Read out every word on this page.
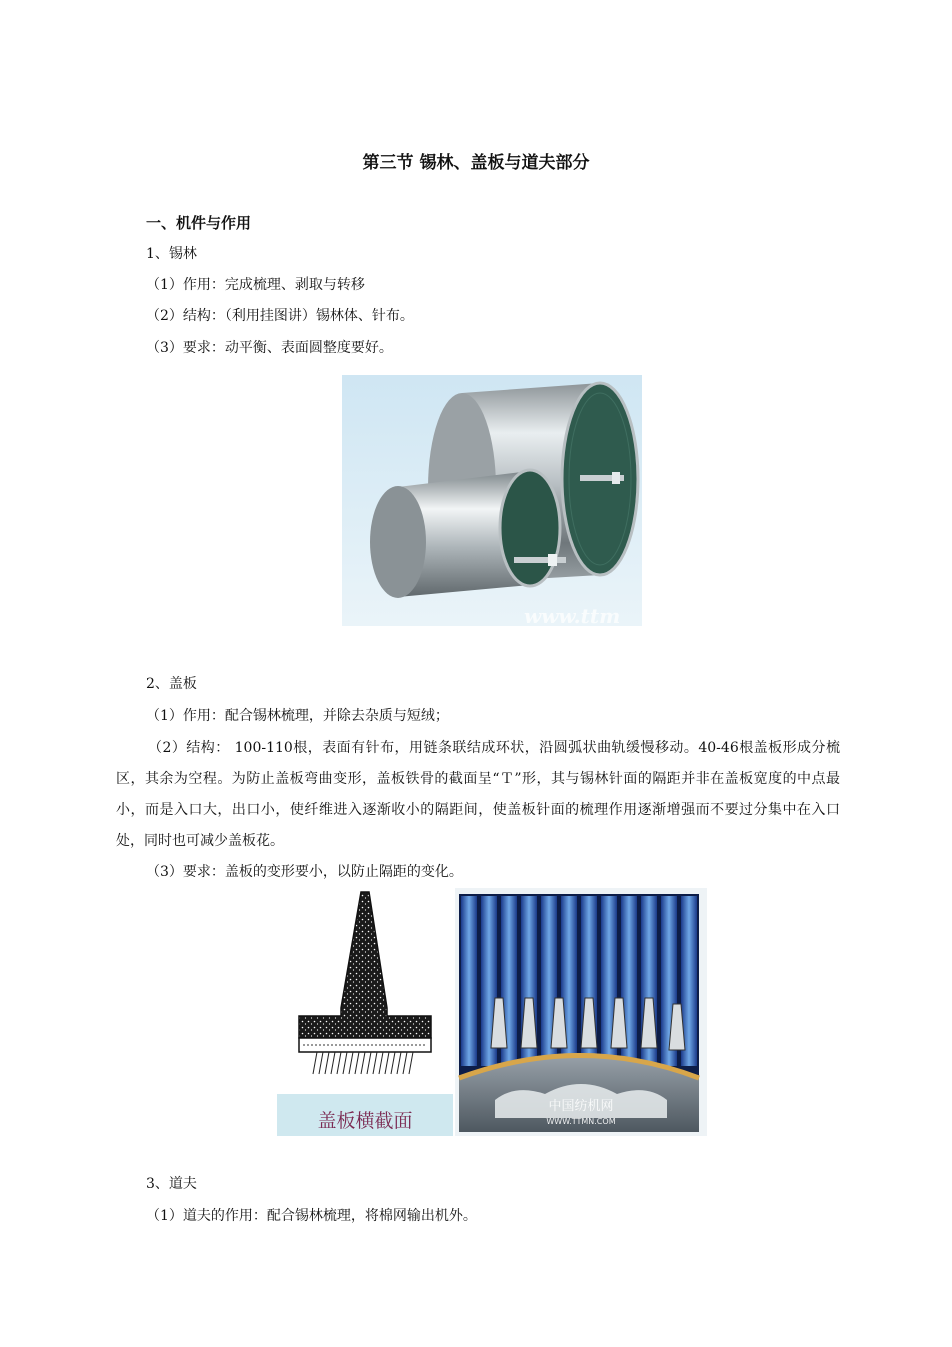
第三节 锡林、盖板与道夫部分
一、机件与作用
1、锡林
（1）作用：完成梳理、剥取与转移
（2）结构：（利用挂图讲）锡林体、针布。
（3）要求：动平衡、表面圆整度要好。
www.ttm
2、盖板
（1）作用：配合锡林梳理，并除去杂质与短绒；
（2）结构： 100-110根，表面有针布，用链条联结成环状，沿圆弧状曲轨缓慢移动。40-46根盖板形成分梳区，其余为空程。为防止盖板弯曲变形，盖板铁骨的截面呈“Ｔ”形，其与锡林针面的隔距并非在盖板宽度的中点最小，而是入口大，出口小，使纤维进入逐渐收小的隔距间，使盖板针面的梳理作用逐渐增强而不要过分集中在入口处，同时也可减少盖板花。
（3）要求：盖板的变形要小，以防止隔距的变化。
盖板横截面
中国纺机网
WWW.TTMN.COM
3、道夫
（1）道夫的作用：配合锡林梳理，将棉网输出机外。
